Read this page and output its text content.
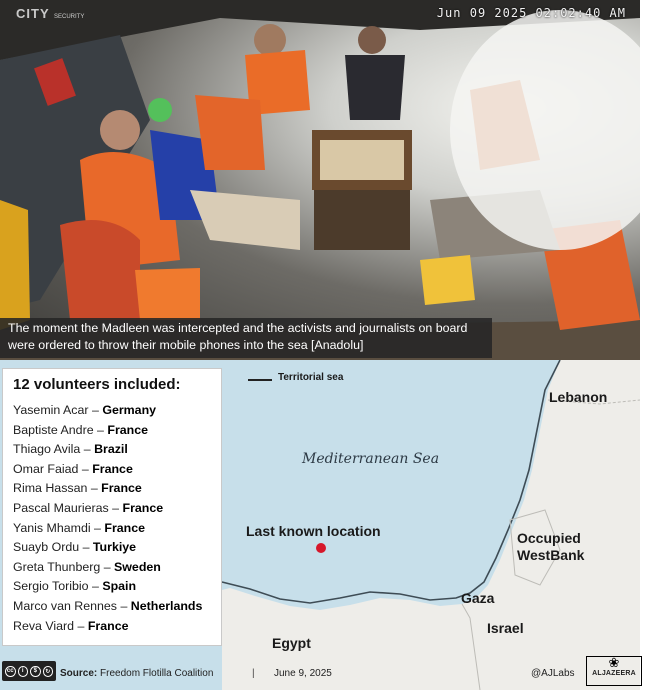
CITY SECURITY	Jun 09 2025 02:02:40 AM
The moment the Madleen was intercepted and the activists and journalists on board were ordered to throw their mobile phones into the sea [Anadolu]
Territorial sea
Mediterranean Sea
Last known location
Lebanon
Occupied WestBank
Gaza
Israel
Egypt
12 volunteers included:
Yasemin Acar – Germany
Baptiste Andre – France
Thiago Avila – Brazil
Omar Faiad – France
Rima Hassan – France
Pascal Maurieras – France
Yanis Mhamdi – France
Suayb Ordu – Turkiye
Greta Thunberg – Sweden
Sergio Toribio – Spain
Marco van Rennes – Netherlands
Reva Viard – France
cc	i	$	↻ Source: Freedom Flotilla Coalition	| June 9, 2025	@AJLabs
❀
ALJAZEERA
